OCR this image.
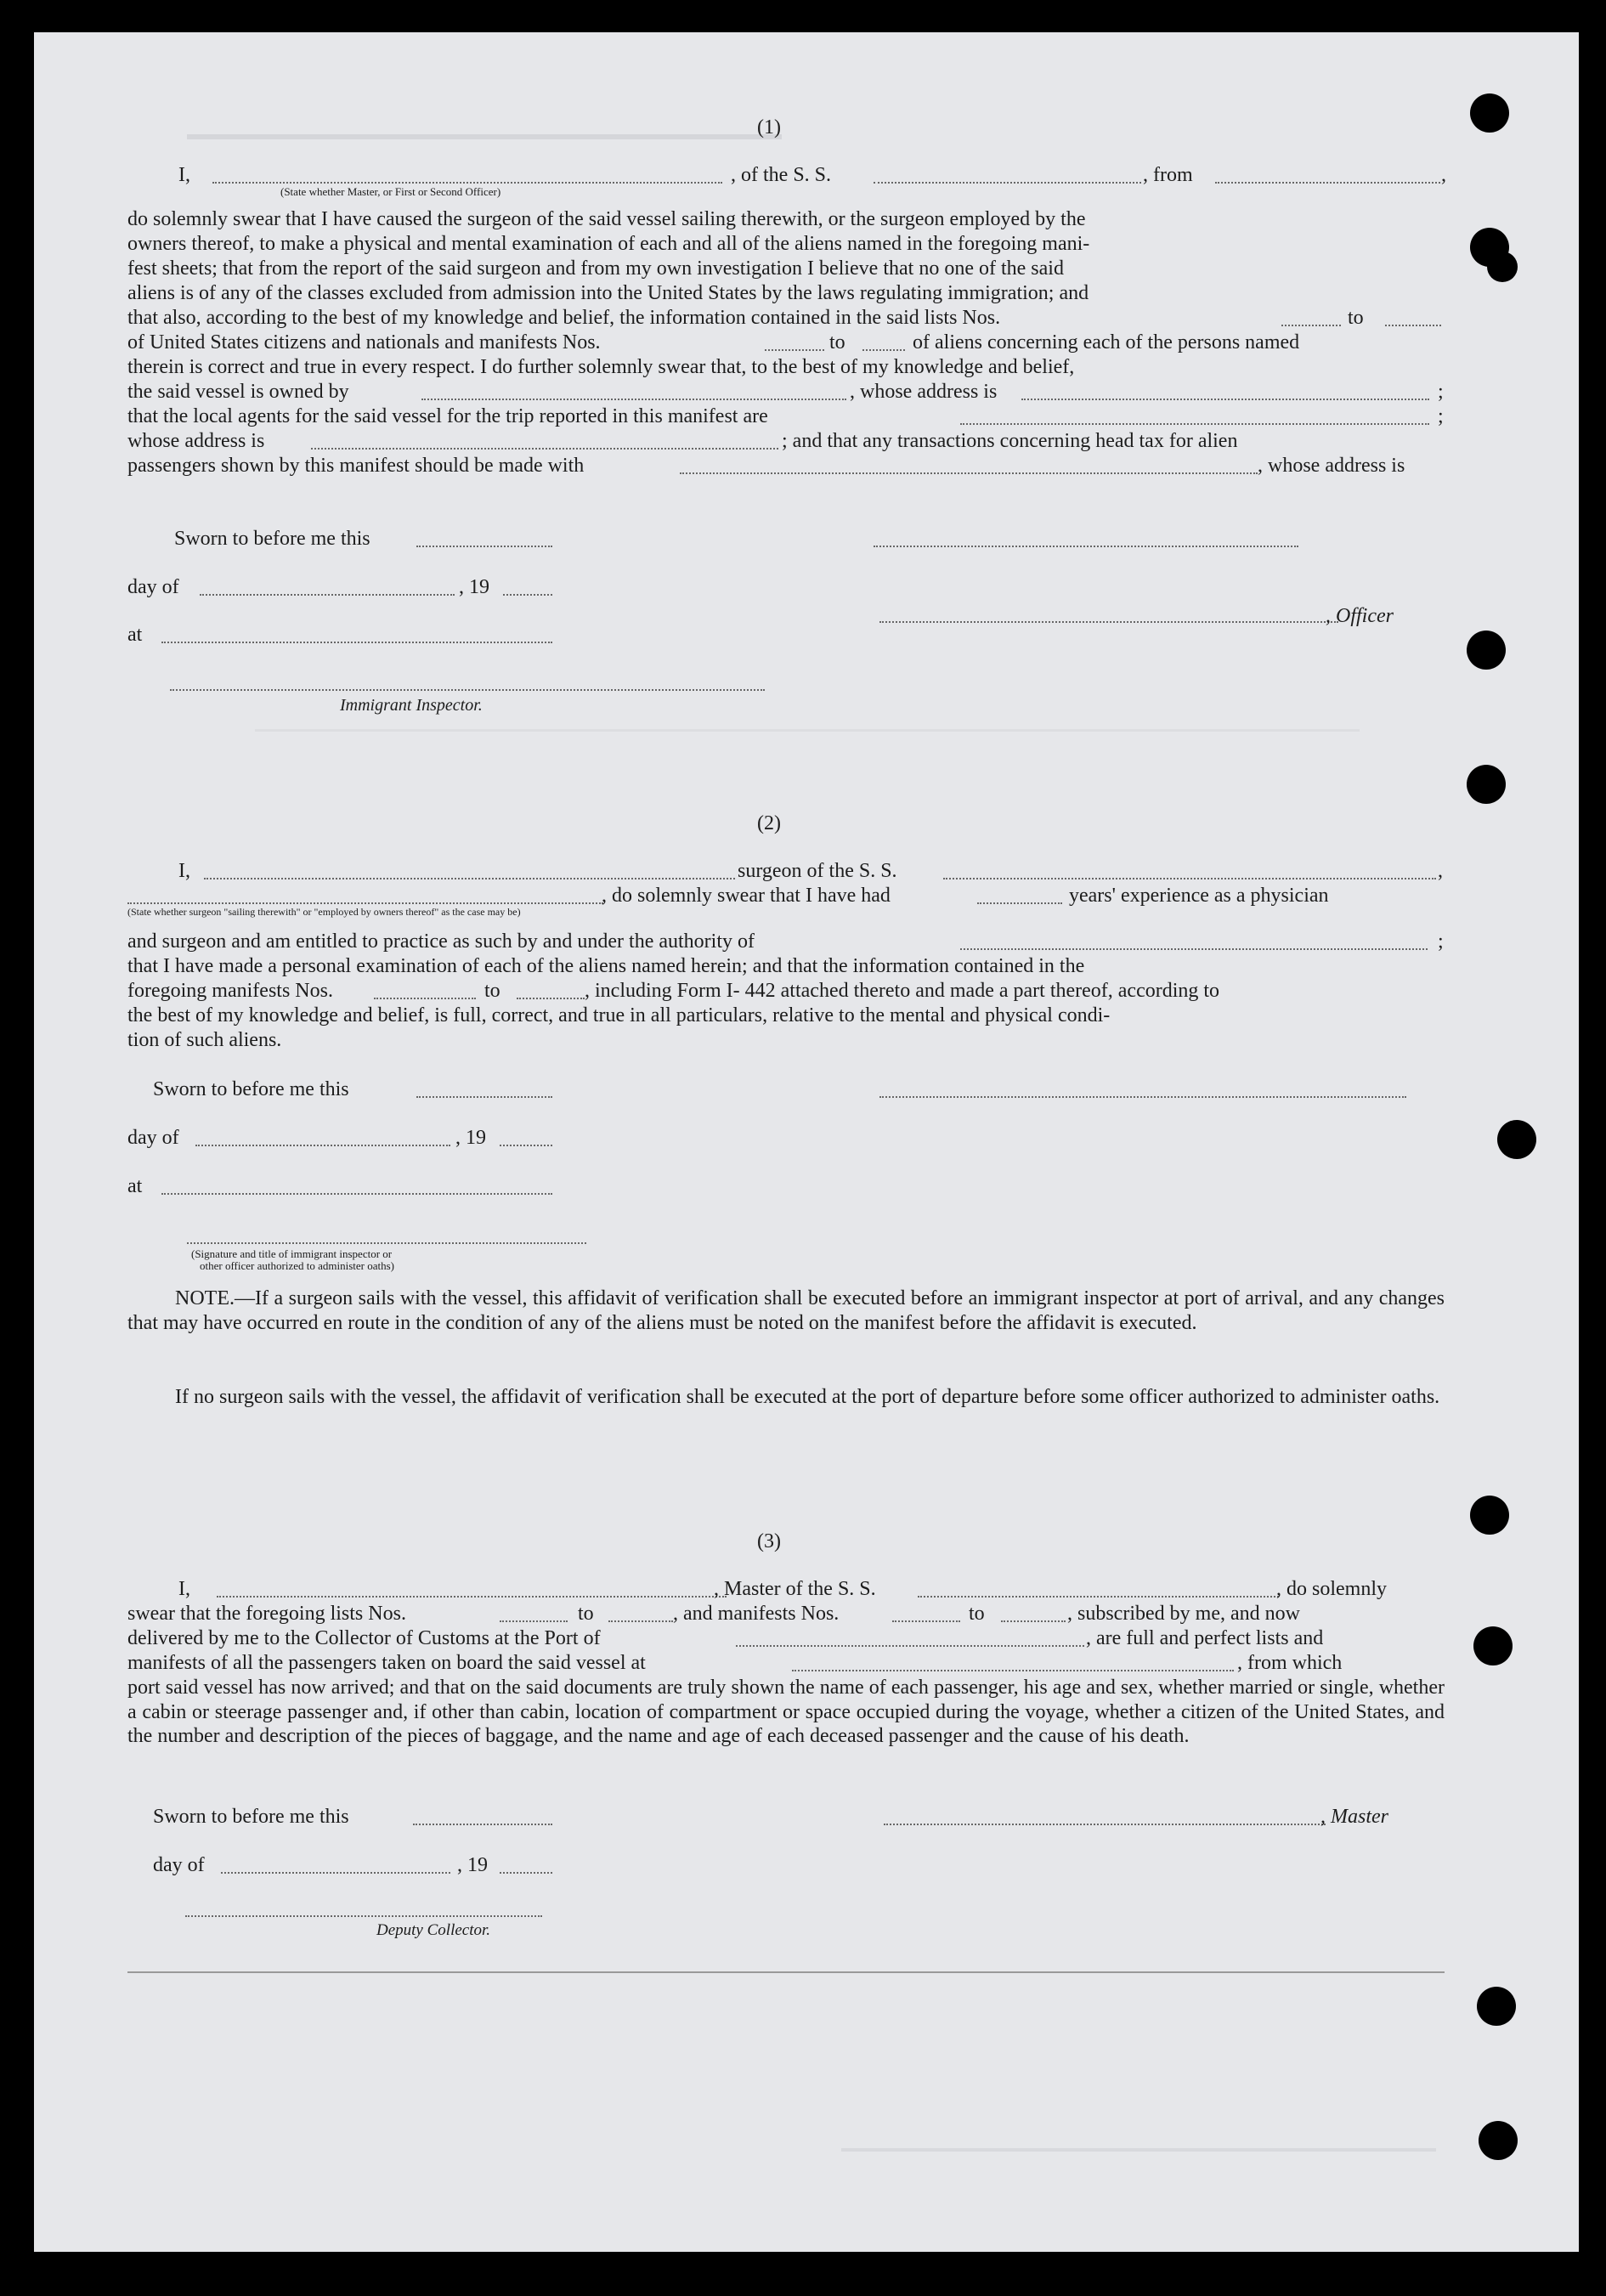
(1)
I,
(State whether Master, or First or Second Officer)
, of the S. S.	, from	,
do solemnly swear that I have caused the surgeon of the said vessel sailing therewith, or the surgeon employed by the
owners thereof, to make a physical and mental examination of each and all of the aliens named in the foregoing mani-
fest sheets; that from the report of the said surgeon and from my own investigation I believe that no one of the said
aliens is of any of the classes excluded from admission into the United States by the laws regulating immigration; and
that also, according to the best of my knowledge and belief, the information contained in the said lists Nos.	to
of United States citizens and nationals and manifests Nos.	to	of aliens concerning each of the persons named
therein is correct and true in every respect. I do further solemnly swear that, to the best of my knowledge and belief,
the said vessel is owned by	, whose address is	;
that the local agents for the said vessel for the trip reported in this manifest are	;
whose address is	; and that any transactions concerning head tax for alien
passengers shown by this manifest should be made with	, whose address is
Sworn to before me this
day of	, 19
, Officer
at
Immigrant Inspector.
(2)
I,	surgeon of the S. S.	,
, do solemnly swear that I have had	years' experience as a physician
(State whether surgeon "sailing therewith" or "employed by owners thereof" as the case may be)
and surgeon and am entitled to practice as such by and under the authority of	;
that I have made a personal examination of each of the aliens named herein; and that the information contained in the
foregoing manifests Nos.	to	, including Form I- 442 attached thereto and made a part thereof, according to
the best of my knowledge and belief, is full, correct, and true in all particulars, relative to the mental and physical condi-
tion of such aliens.
Sworn to before me this
day of	, 19
at
(Signature and title of immigrant inspector or
other officer authorized to administer oaths)
NOTE.—If a surgeon sails with the vessel, this affidavit of verification shall be executed before an immigrant inspector at port of arrival, and any changes that may have occurred en route in the condition of any of the aliens must be noted on the manifest before the affidavit is executed.
If no surgeon sails with the vessel, the affidavit of verification shall be executed at the port of departure before some officer authorized to administer oaths.
(3)
I,	, Master of the S. S.	, do solemnly
swear that the foregoing lists Nos.	to	, and manifests Nos.	to	, subscribed by me, and now
delivered by me to the Collector of Customs at the Port of	, are full and perfect lists and
manifests of all the passengers taken on board the said vessel at	, from which
port said vessel has now arrived; and that on the said documents are truly shown the name of each passenger, his age and sex, whether married or single, whether a cabin or steerage passenger and, if other than cabin, location of compartment or space occupied during the voyage, whether a citizen of the United States, and the number and description of the pieces of baggage, and the name and age of each deceased passenger and the cause of his death.
Sworn to before me this	, Master
day of	, 19
Deputy Collector.
